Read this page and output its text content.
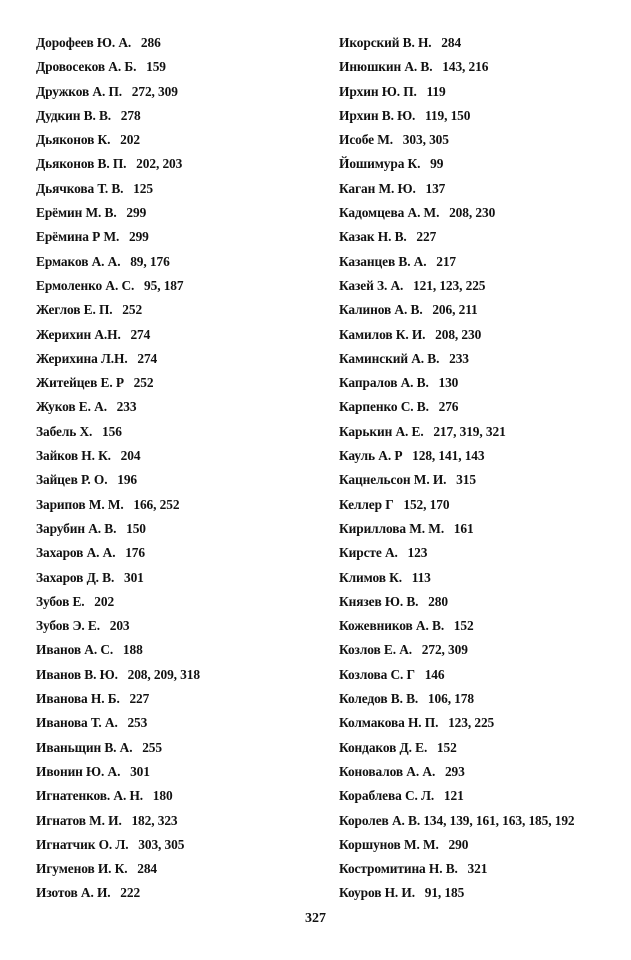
Дорофеев Ю. А.   286
Дровосеков А. Б.   159
Дружков А. П.   272, 309
Дудкин В. В.   278
Дьяконов К.   202
Дьяконов В. П.   202, 203
Дьячкова Т. В.   125
Ерёмин М. В.   299
Ерёмина Р М.   299
Ермаков А. А.   89, 176
Ермоленко А. С.   95, 187
Жеглов Е. П.   252
Жерихин А.Н.   274
Жерихина Л.Н.   274
Житейцев Е. Р   252
Жуков Е. А.   233
Забель Х.   156
Зайков Н. К.   204
Зайцев Р. О.   196
Зарипов М. М.   166, 252
Зарубин А. В.   150
Захаров А. А.   176
Захаров Д. В.   301
Зубов Е.   202
Зубов Э. Е.   203
Иванов А. С.   188
Иванов В. Ю.   208, 209, 318
Иванова Н. Б.   227
Иванова Т. А.   253
Иваньщин В. А.   255
Ивонин Ю. А.   301
Игнатенков. А. Н.   180
Игнатов М. И.   182, 323
Игнатчик О. Л.   303, 305
Игуменов И. К.   284
Изотов А. И.   222
Икорский В. Н.   284
Инюшкин А. В.   143, 216
Ирхин Ю. П.   119
Ирхин В. Ю.   119, 150
Исобе М.   303, 305
Йошимура К.   99
Каган М. Ю.   137
Кадомцева А. М.   208, 230
Казак Н. В.   227
Казанцев В. А.   217
Казей З. А.   121, 123, 225
Калинов А. В.   206, 211
Камилов К. И.   208, 230
Каминский А. В.   233
Капралов А. В.   130
Карпенко С. В.   276
Карькин А. Е.   217, 319, 321
Кауль А. Р   128, 141, 143
Кацнельсон М. И.   315
Келлер Г   152, 170
Кириллова М. М.   161
Кирсте А.   123
Климов К.   113
Князев Ю. В.   280
Кожевников А. В.   152
Козлов Е. А.   272, 309
Козлова С. Г   146
Коледов В. В.   106, 178
Колмакова Н. П.   123, 225
Кондаков Д. Е.   152
Коновалов А. А.   293
Кораблева С. Л.   121
Королев А. В. 134, 139, 161, 163, 185, 192
Коршунов М. М.   290
Костромитина Н. В.   321
Коуров Н. И.   91, 185
327
